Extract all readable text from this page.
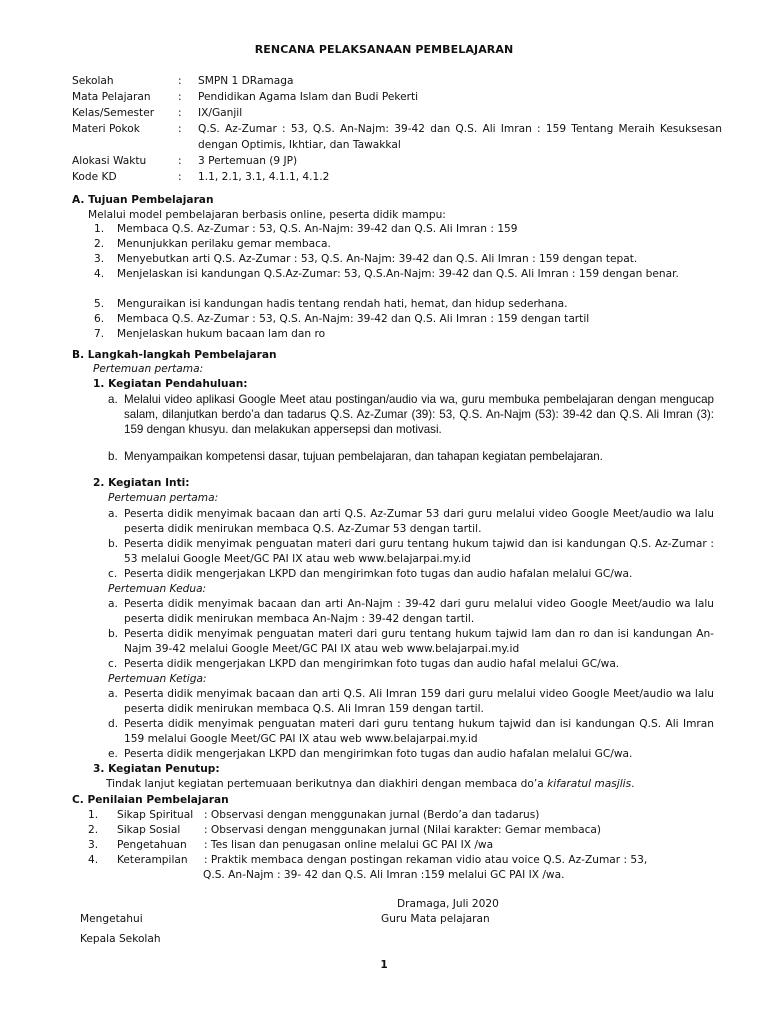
RENCANA PELAKSANAAN PEMBELAJARAN
Sekolah	:	SMPN 1 DRamaga
Mata Pelajaran	:	Pendidikan Agama Islam dan Budi Pekerti
Kelas/Semester	:	IX/Ganjil
Materi Pokok	:	Q.S. Az-Zumar : 53, Q.S. An-Najm: 39-42 dan Q.S. Ali Imran : 159 Tentang Meraih Kesuksesan dengan Optimis, Ikhtiar, dan Tawakkal
Alokasi Waktu	:	3 Pertemuan (9 JP)
Kode KD	:	1.1, 2.1, 3.1, 4.1.1, 4.1.2
A. Tujuan Pembelajaran
Melalui model pembelajaran berbasis online, peserta didik mampu:
1. Membaca Q.S. Az-Zumar : 53, Q.S. An-Najm: 39-42 dan Q.S. Ali Imran : 159
2. Menunjukkan perilaku gemar membaca.
3. Menyebutkan arti Q.S. Az-Zumar : 53, Q.S. An-Najm: 39-42 dan Q.S. Ali Imran : 159 dengan tepat.
4. Menjelaskan isi kandungan Q.S.Az-Zumar: 53, Q.S.An-Najm: 39-42 dan Q.S. Ali Imran : 159 dengan benar.
5. Menguraikan isi kandungan hadis tentang rendah hati, hemat, dan hidup sederhana.
6. Membaca Q.S. Az-Zumar : 53, Q.S. An-Najm: 39-42 dan Q.S. Ali Imran : 159 dengan tartil
7. Menjelaskan hukum bacaan lam dan ro
B. Langkah-langkah Pembelajaran
Pertemuan pertama:
1. Kegiatan Pendahuluan:
a. Melalui video aplikasi Google Meet atau postingan/audio via wa, guru membuka pembelajaran dengan mengucap salam, dilanjutkan berdo’a dan tadarus Q.S. Az-Zumar (39): 53, Q.S. An-Najm (53): 39-42 dan Q.S. Ali Imran (3): 159 dengan khusyu. dan melakukan appersepsi dan motivasi.
b. Menyampaikan kompetensi dasar, tujuan pembelajaran, dan tahapan kegiatan pembelajaran.
2. Kegiatan Inti:
Pertemuan pertama:
a. Peserta didik menyimak bacaan dan arti Q.S. Az-Zumar 53 dari guru melalui video Google Meet/audio wa lalu peserta didik menirukan membaca Q.S. Az-Zumar 53 dengan tartil.
b. Peserta didik menyimak penguatan materi dari guru tentang hukum tajwid dan isi kandungan Q.S. Az-Zumar : 53 melalui Google Meet/GC PAI IX atau web www.belajarpai.my.id
c. Peserta didik mengerjakan LKPD dan mengirimkan foto tugas dan audio hafalan melalui GC/wa.
Pertemuan Kedua:
a. Peserta didik menyimak bacaan dan arti An-Najm : 39-42 dari guru melalui video Google Meet/audio wa lalu peserta didik menirukan membaca An-Najm : 39-42 dengan tartil.
b. Peserta didik menyimak penguatan materi dari guru tentang hukum tajwid lam dan ro dan isi kandungan An-Najm 39-42 melalui Google Meet/GC PAI IX atau web www.belajarpai.my.id
c. Peserta didik mengerjakan LKPD dan mengirimkan foto tugas dan audio hafal melalui GC/wa.
Pertemuan Ketiga:
a. Peserta didik menyimak bacaan dan arti Q.S. Ali Imran 159 dari guru melalui video Google Meet/audio wa lalu peserta didik menirukan membaca Q.S. Ali Imran 159 dengan tartil.
d. Peserta didik menyimak penguatan materi dari guru tentang hukum tajwid dan isi kandungan Q.S. Ali Imran 159 melalui Google Meet/GC PAI IX atau web www.belajarpai.my.id
e. Peserta didik mengerjakan LKPD dan mengirimkan foto tugas dan audio hafalan melalui GC/wa.
3. Kegiatan Penutup:
Tindak lanjut kegiatan pertemuaan berikutnya dan diakhiri dengan membaca do’a kifaratul masjlis.
C. Penilaian Pembelajaran
1.	Sikap Spiritual	: Observasi dengan menggunakan jurnal (Berdo’a dan tadarus)
2.	Sikap Sosial	: Observasi dengan menggunakan jurnal (Nilai karakter: Gemar membaca)
3.	Pengetahuan	: Tes lisan dan penugasan online melalui GC PAI IX /wa
4.	Keterampilan	: Praktik membaca dengan postingan rekaman vidio atau voice Q.S. Az-Zumar : 53,
Q.S. An-Najm : 39- 42 dan Q.S. Ali Imran :159 melalui GC PAI IX /wa.
Dramaga, Juli 2020
Mengetahui	Guru Mata pelajaran
Kepala Sekolah
1
